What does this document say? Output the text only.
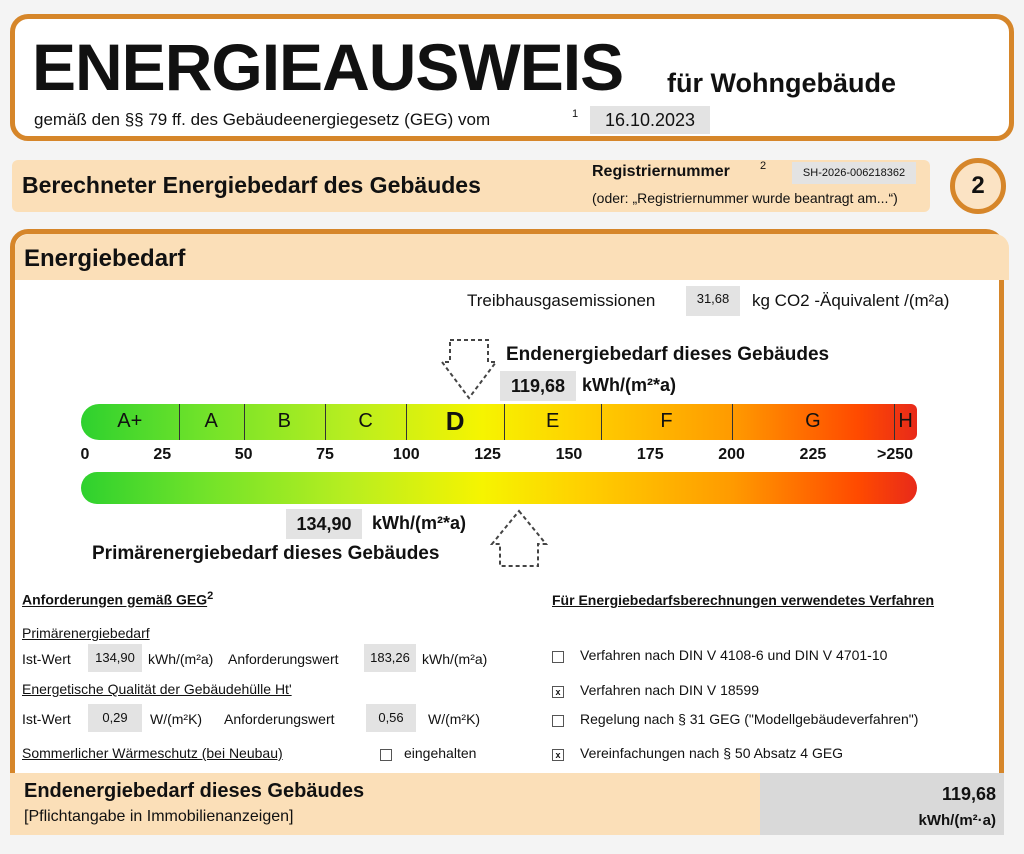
ENERGIEAUSWEIS für Wohngebäude
gemäß den §§ 79 ff. des Gebäudeenergiegesetz (GEG) vom	1	16.10.2023
Berechneter Energiebedarf des Gebäudes
Registriernummer	2
SH-2026-006218362
(oder: „Registriernummer wurde beantragt am...“)	2
Energiebedarf
Treibhausgasemissionen	31,68	kg CO2 -Äquivalent /(m²a)
Endenergiebedarf dieses Gebäudes
119,68 kWh/(m²*a)
A+	A	B	C	D	E	F	G	H
0	25	50	75	100	125	150	175	200	225	>250
134,90	kWh/(m²*a)
Primärenergiebedarf dieses Gebäudes
Anforderungen gemäß GEG$^2$
Primärenergiebedarf
Ist-Wert	134,90 kWh/(m²a) Anforderungswert	183,26 kWh/(m²a)
Energetische Qualität der Gebäudehülle Ht'
Ist-Wert	0,29	W/(m²K) Anforderungswert	0,56	W/(m²K)
Sommerlicher Wärmeschutz (bei Neubau)	eingehalten
Für Energiebedarfsberechnungen verwendetes Verfahren
Verfahren nach DIN V 4108-6 und DIN V 4701-10
x Verfahren nach DIN V 18599
Regelung nach § 31 GEG ("Modellgebäudeverfahren")
x Vereinfachungen nach § 50 Absatz 4 GEG
Endenergiebedarf dieses Gebäudes
[Pflichtangabe in Immobilienanzeigen]
119,68
kWh/(m²·a)
